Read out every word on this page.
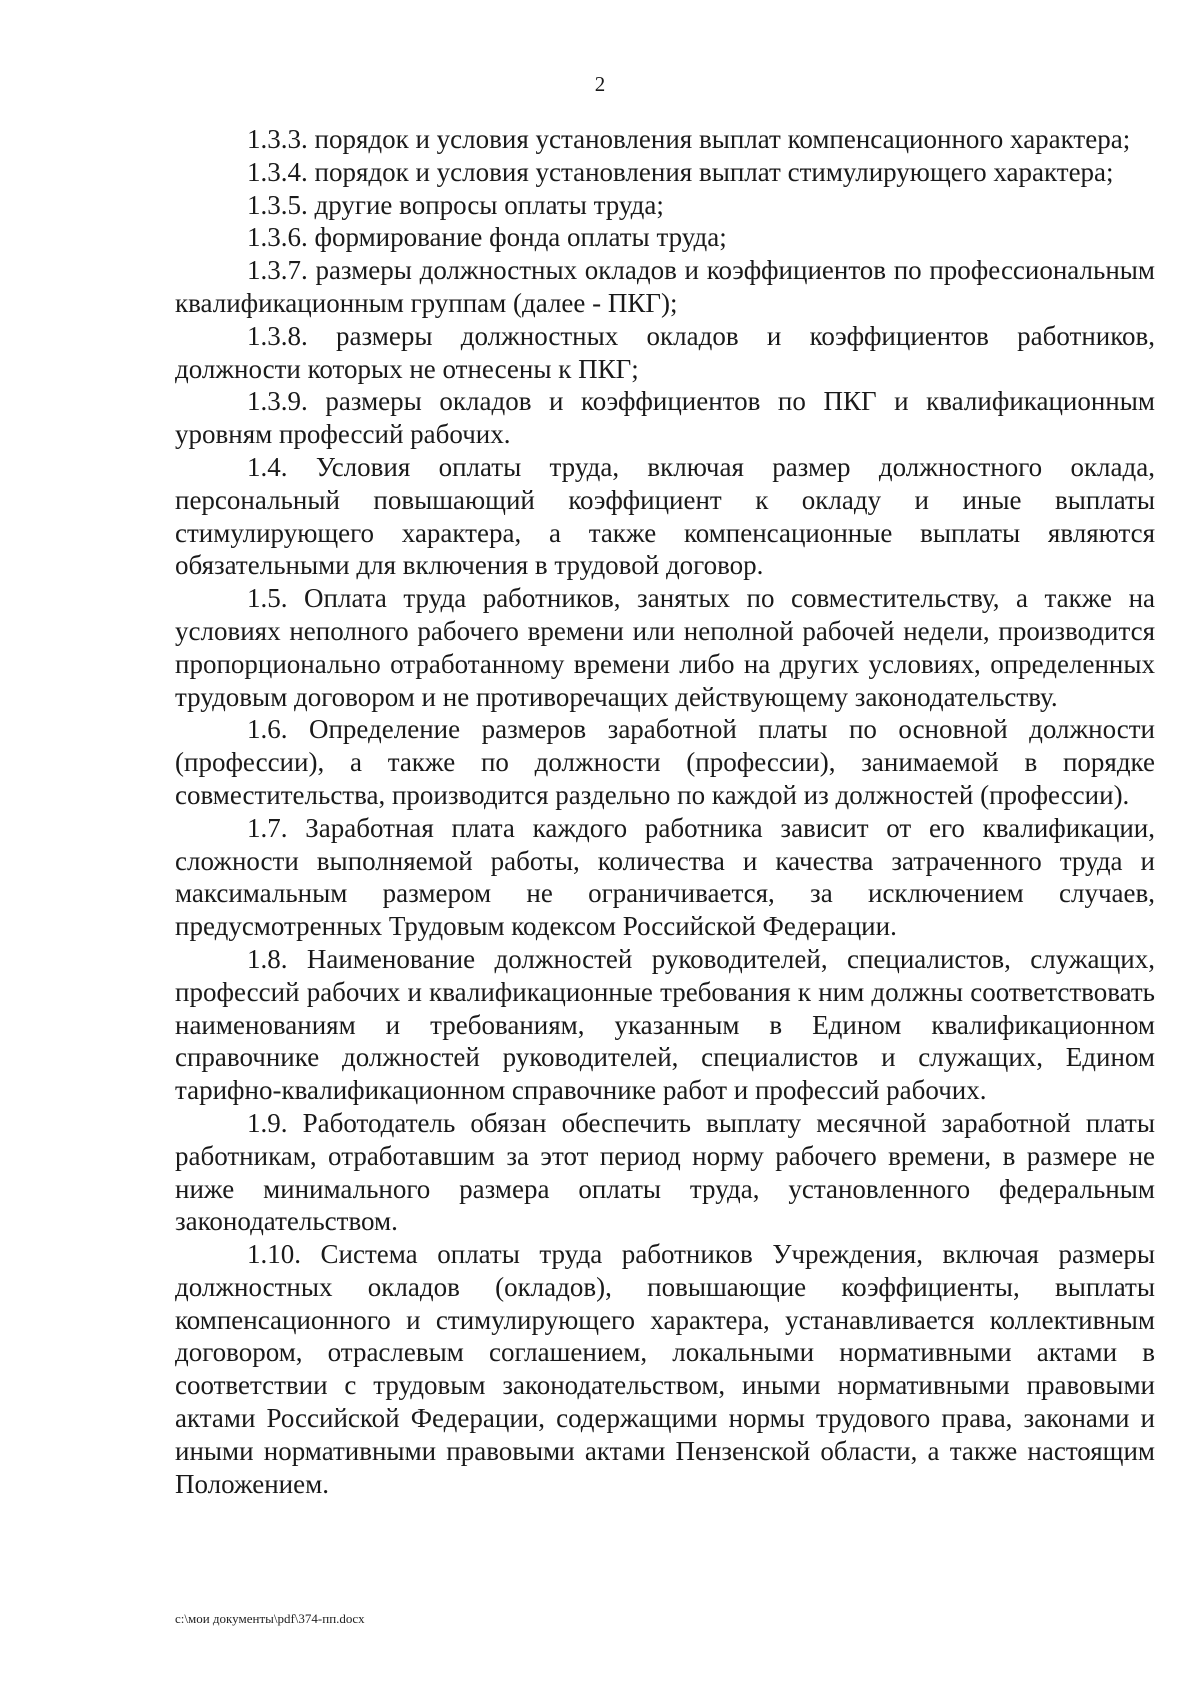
2

1.3.3. порядок и условия установления выплат компенсационного характера;

1.3.4. порядок и условия установления выплат стимулирующего характера;

1.3.5. другие вопросы оплаты труда;

1.3.6. формирование фонда оплаты труда;

1.3.7. размеры должностных окладов и коэффициентов по профессиональным квалификационным группам (далее - ПКГ);

1.3.8. размеры должностных окладов и коэффициентов работников, должности которых не отнесены к ПКГ;

1.3.9. размеры окладов и коэффициентов по ПКГ и квалификационным уровням профессий рабочих.

1.4. Условия оплаты труда, включая размер должностного оклада, персональный повышающий коэффициент к окладу и иные выплаты стимулирующего характера, а также компенсационные выплаты являются обязательными для включения в трудовой договор.

1.5. Оплата труда работников, занятых по совместительству, а также на условиях неполного рабочего времени или неполной рабочей недели, производится пропорционально отработанному времени либо на других условиях, определенных трудовым договором и не противоречащих действующему законодательству.

1.6. Определение размеров заработной платы по основной должности (профессии), а также по должности (профессии), занимаемой в порядке совместительства, производится раздельно по каждой из должностей (профессии).

1.7. Заработная плата каждого работника зависит от его квалификации, сложности выполняемой работы, количества и качества затраченного труда и максимальным размером не ограничивается, за исключением случаев, предусмотренных Трудовым кодексом Российской Федерации.

1.8. Наименование должностей руководителей, специалистов, служащих, профессий рабочих и квалификационные требования к ним должны соответствовать наименованиям и требованиям, указанным в Едином квалификационном справочнике должностей руководителей, специалистов и служащих, Едином тарифно-квалификационном справочнике работ и профессий рабочих.

1.9. Работодатель обязан обеспечить выплату месячной заработной платы работникам, отработавшим за этот период норму рабочего времени, в размере не ниже минимального размера оплаты труда, установленного федеральным законодательством.

1.10. Система оплаты труда работников Учреждения, включая размеры должностных окладов (окладов), повышающие коэффициенты, выплаты компенсационного и стимулирующего характера, устанавливается коллективным договором, отраслевым соглашением, локальными нормативными актами в соответствии с трудовым законодательством, иными нормативными правовыми актами Российской Федерации, содержащими нормы трудового права, законами и иными нормативными правовыми актами Пензенской области, а также настоящим Положением.

c:\мои документы\pdf\374-пп.docx
